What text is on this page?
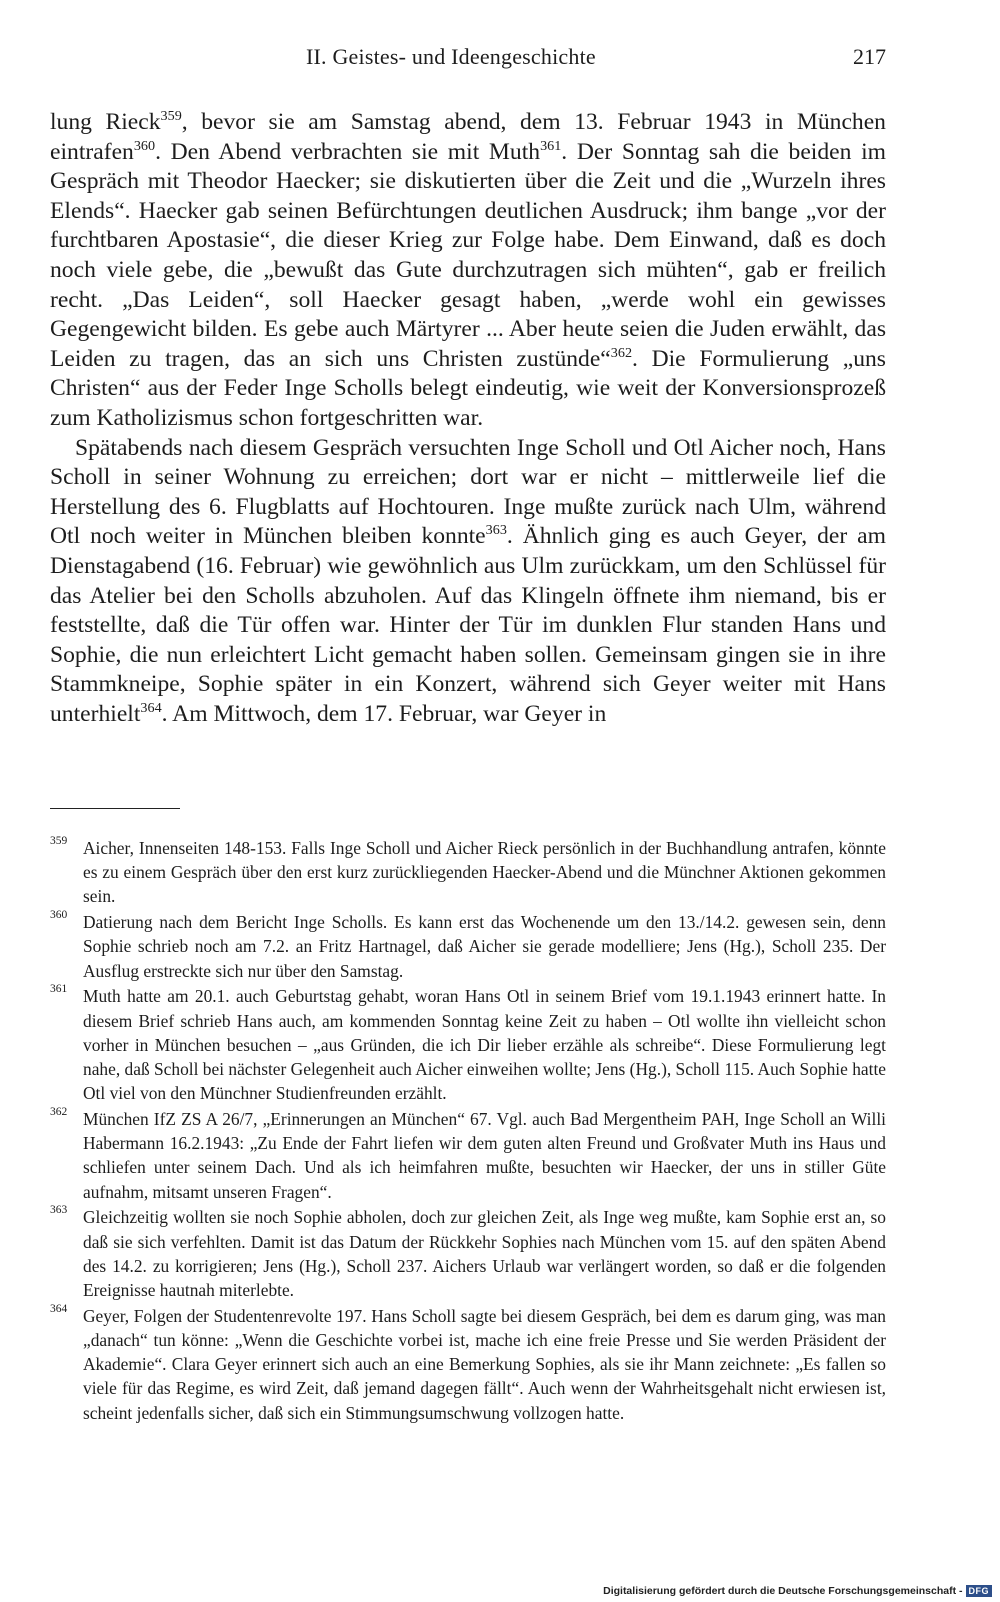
II. Geistes- und Ideengeschichte	217

lung Rieck$^{359}$, bevor sie am Samstag abend, dem 13. Februar 1943 in München eintrafen$^{360}$. Den Abend verbrachten sie mit Muth$^{361}$. Der Sonntag sah die beiden im Gespräch mit Theodor Haecker; sie diskutierten über die Zeit und die „Wurzeln ihres Elends“. Haecker gab seinen Befürchtungen deutlichen Ausdruck; ihm bange „vor der furchtbaren Apostasie“, die dieser Krieg zur Folge habe. Dem Einwand, daß es doch noch viele gebe, die „bewußt das Gute durchzutragen sich mühten“, gab er freilich recht. „Das Leiden“, soll Haecker gesagt haben, „werde wohl ein gewisses Gegengewicht bilden. Es gebe auch Märtyrer ... Aber heute seien die Juden erwählt, das Leiden zu tragen, das an sich uns Christen zustünde“$^{362}$. Die Formulierung „uns Christen“ aus der Feder Inge Scholls belegt eindeutig, wie weit der Konversionsprozeß zum Katholizismus schon fortgeschritten war.

Spätabends nach diesem Gespräch versuchten Inge Scholl und Otl Aicher noch, Hans Scholl in seiner Wohnung zu erreichen; dort war er nicht – mittlerweile lief die Herstellung des 6. Flugblatts auf Hochtouren. Inge mußte zurück nach Ulm, während Otl noch weiter in München bleiben konnte$^{363}$. Ähnlich ging es auch Geyer, der am Dienstagabend (16. Februar) wie gewöhnlich aus Ulm zurückkam, um den Schlüssel für das Atelier bei den Scholls abzuholen. Auf das Klingeln öffnete ihm niemand, bis er feststellte, daß die Tür offen war. Hinter der Tür im dunklen Flur standen Hans und Sophie, die nun erleichtert Licht gemacht haben sollen. Gemeinsam gingen sie in ihre Stammkneipe, Sophie später in ein Konzert, während sich Geyer weiter mit Hans unterhielt$^{364}$. Am Mittwoch, dem 17. Februar, war Geyer in

359 Aicher, Innenseiten 148-153. Falls Inge Scholl und Aicher Rieck persönlich in der Buchhandlung antrafen, könnte es zu einem Gespräch über den erst kurz zurückliegenden Haecker-Abend und die Münchner Aktionen gekommen sein.
360 Datierung nach dem Bericht Inge Scholls. Es kann erst das Wochenende um den 13./14.2. gewesen sein, denn Sophie schrieb noch am 7.2. an Fritz Hartnagel, daß Aicher sie gerade modelliere; Jens (Hg.), Scholl 235. Der Ausflug erstreckte sich nur über den Samstag.
361 Muth hatte am 20.1. auch Geburtstag gehabt, woran Hans Otl in seinem Brief vom 19.1.1943 erinnert hatte. In diesem Brief schrieb Hans auch, am kommenden Sonntag keine Zeit zu haben – Otl wollte ihn vielleicht schon vorher in München besuchen – „aus Gründen, die ich Dir lieber erzähle als schreibe“. Diese Formulierung legt nahe, daß Scholl bei nächster Gelegenheit auch Aicher einweihen wollte; Jens (Hg.), Scholl 115. Auch Sophie hatte Otl viel von den Münchner Studienfreunden erzählt.
362 München IfZ ZS A 26/7, „Erinnerungen an München“ 67. Vgl. auch Bad Mergentheim PAH, Inge Scholl an Willi Habermann 16.2.1943: „Zu Ende der Fahrt liefen wir dem guten alten Freund und Großvater Muth ins Haus und schliefen unter seinem Dach. Und als ich heimfahren mußte, besuchten wir Haecker, der uns in stiller Güte aufnahm, mitsamt unseren Fragen“.
363 Gleichzeitig wollten sie noch Sophie abholen, doch zur gleichen Zeit, als Inge weg mußte, kam Sophie erst an, so daß sie sich verfehlten. Damit ist das Datum der Rückkehr Sophies nach München vom 15. auf den späten Abend des 14.2. zu korrigieren; Jens (Hg.), Scholl 237. Aichers Urlaub war verlängert worden, so daß er die folgenden Ereignisse hautnah miterlebte.
364 Geyer, Folgen der Studentenrevolte 197. Hans Scholl sagte bei diesem Gespräch, bei dem es darum ging, was man „danach“ tun könne: „Wenn die Geschichte vorbei ist, mache ich eine freie Presse und Sie werden Präsident der Akademie“. Clara Geyer erinnert sich auch an eine Bemerkung Sophies, als sie ihr Mann zeichnete: „Es fallen so viele für das Regime, es wird Zeit, daß jemand dagegen fällt“. Auch wenn der Wahrheitsgehalt nicht erwiesen ist, scheint jedenfalls sicher, daß sich ein Stimmungsumschwung vollzogen hatte.
Digitalisierung gefördert durch die Deutsche Forschungsgemeinschaft - DFG
